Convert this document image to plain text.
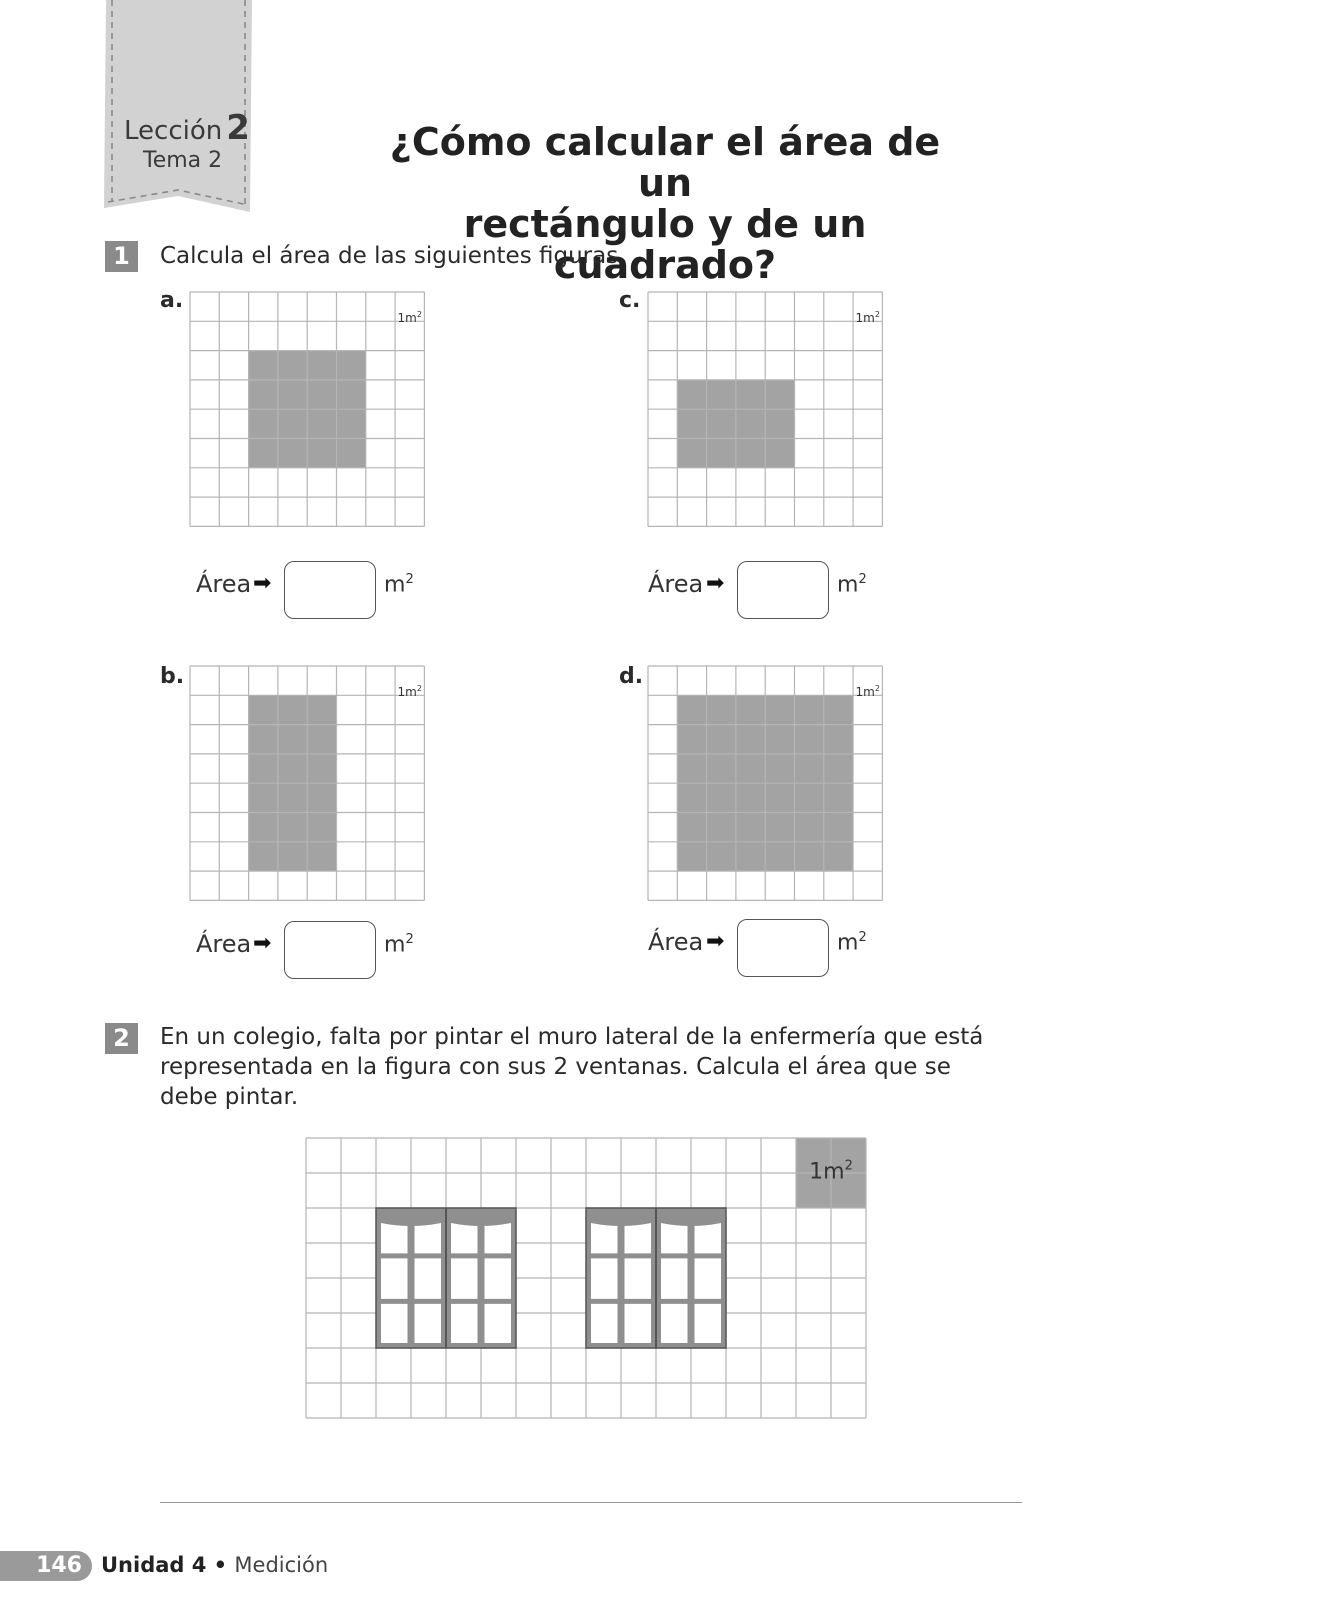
Lección 2
Tema 2	¿Cómo calcular el área de un
rectángulo y de un cuadrado?
1	Calcula el área de las siguientes figuras.
a.
$1m^2$
Área ➡	$m^2$
c.
$1m^2$
Área ➡	$m^2$
b.
$1m^2$
Área ➡	$m^2$
d.
$1m^2$
Área ➡	$m^2$
2	En un colegio, falta por pintar el muro lateral de la enfermería que está
representada en la figura con sus 2 ventanas. Calcula el área que se
debe pintar.
$1m^2$
146 Unidad 4 • Medición
